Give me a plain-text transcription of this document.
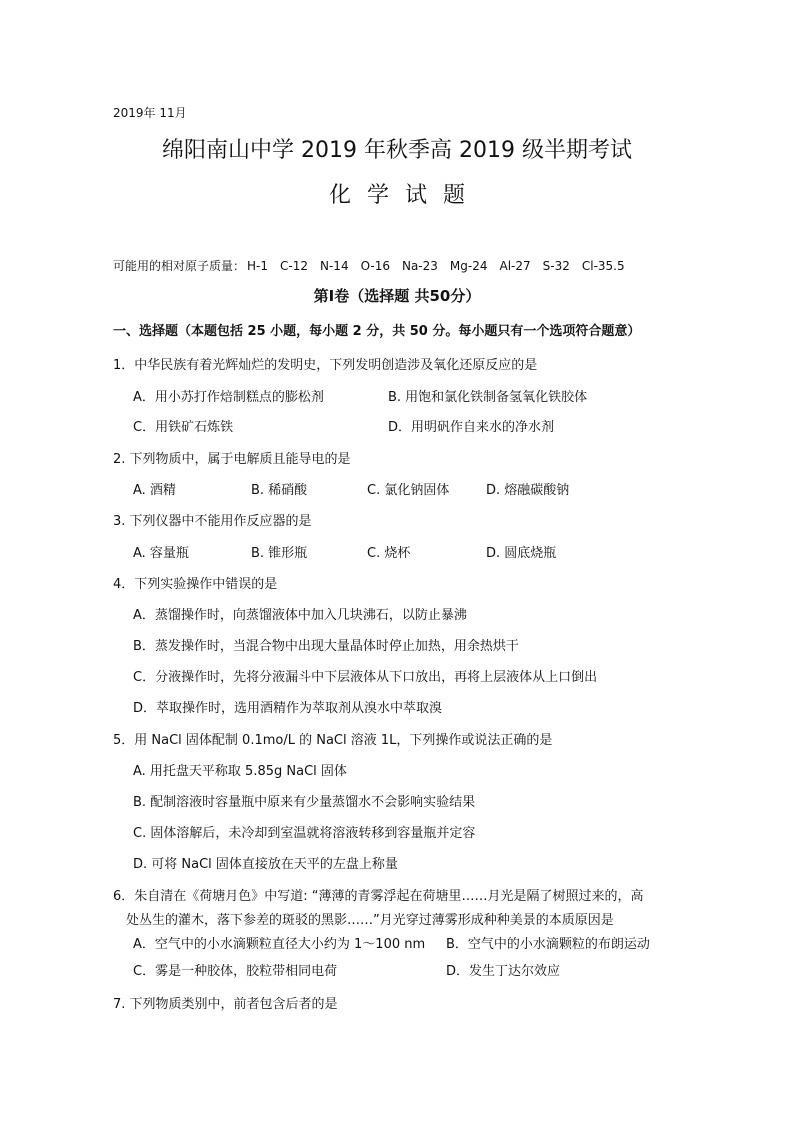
2019年 11月
绵阳南山中学 2019 年秋季高 2019 级半期考试
化学试题
可能用的相对原子质量： H-1 C-12 N-14 O-16 Na-23 Mg-24 Al-27 S-32 Cl-35.5
第Ⅰ卷（选择题 共50分）
一、选择题（本题包括 25 小题，每小题 2 分，共 50 分。每小题只有一个选项符合题意）
1．中华民族有着光辉灿烂的发明史，下列发明创造涉及氧化还原反应的是
A．用小苏打作焙制糕点的膨松剂	B. 用饱和氯化铁制备氢氧化铁胶体
C．用铁矿石炼铁	D．用明矾作自来水的净水剂
2. 下列物质中，属于电解质且能导电的是
A. 酒精	B. 稀硝酸	C. 氯化钠固体	D. 熔融碳酸钠
3. 下列仪器中不能用作反应器的是
A. 容量瓶	B. 锥形瓶	C. 烧杯	D. 圆底烧瓶
4．下列实验操作中错误的是
A．蒸馏操作时，向蒸馏液体中加入几块沸石，以防止暴沸
B．蒸发操作时，当混合物中出现大量晶体时停止加热，用余热烘干
C．分液操作时，先将分液漏斗中下层液体从下口放出，再将上层液体从上口倒出
D．萃取操作时，选用酒精作为萃取剂从溴水中萃取溴
5．用 NaCl 固体配制 0.1mo/L 的 NaCl 溶液 1L，下列操作或说法正确的是
A. 用托盘天平称取 5.85g NaCl 固体
B. 配制溶液时容量瓶中原来有少量蒸馏水不会影响实验结果
C. 固体溶解后，未冷却到室温就将溶液转移到容量瓶并定容
D. 可将 NaCl 固体直接放在天平的左盘上称量
6．朱自清在《荷塘月色》中写道: “薄薄的青雾浮起在荷塘里……月光是隔了树照过来的，高
处丛生的灌木，落下参差的斑驳的黑影……”月光穿过薄雾形成种种美景的本质原因是
A．空气中的小水滴颗粒直径大小约为 1～100 nm B．空气中的小水滴颗粒的布朗运动
C．雾是一种胶体，胶粒带相同电荷	D．发生丁达尔效应
7. 下列物质类别中，前者包含后者的是
